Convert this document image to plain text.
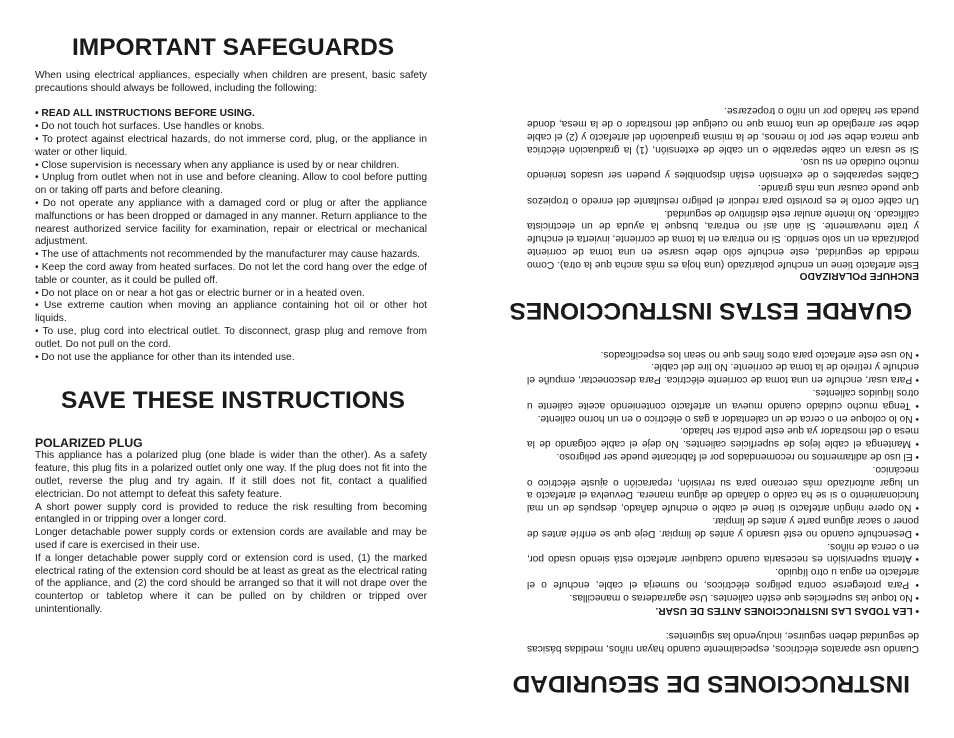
IMPORTANT SAFEGUARDS

When using electrical appliances, especially when children are present, basic safety precautions should always be followed, including the following:

• READ ALL INSTRUCTIONS BEFORE USING.

• Do not touch hot surfaces. Use handles or knobs.

• To protect against electrical hazards, do not immerse cord, plug, or the appliance in water or other liquid.

• Close supervision is necessary when any appliance is used by or near children.

• Unplug from outlet when not in use and before cleaning. Allow to cool before putting on or taking off parts and before cleaning.

• Do not operate any appliance with a damaged cord or plug or after the appliance malfunctions or has been dropped or damaged in any manner. Return appliance to the nearest authorized service facility for examination, repair or electrical or mechanical adjustment.

• The use of attachments not recommended by the manufacturer may cause hazards.

• Keep the cord away from heated surfaces. Do not let the cord hang over the edge of table or counter, as it could be pulled off.

• Do not place on or near a hot gas or electric burner or in a heated oven.

• Use extreme caution when moving an appliance containing hot oil or other hot liquids.

• To use, plug cord into electrical outlet. To disconnect, grasp plug and remove from outlet. Do not pull on the cord.

• Do not use the appliance for other than its intended use.

SAVE THESE INSTRUCTIONS
POLARIZED PLUG

This appliance has a polarized plug (one blade is wider than the other). As a safety feature, this plug fits in a polarized outlet only one way. If the plug does not fit into the outlet, reverse the plug and try again. If it still does not fit, contact a qualified electrician. Do not attempt to defeat this safety feature.

A short power supply cord is provided to reduce the risk resulting from becoming entangled in or tripping over a longer cord.

Longer detachable power supply cords or extension cords are available and may be used if care is exercised in their use.

If a longer detachable power supply cord or extension cord is used, (1) the marked electrical rating of the extension cord should be at least as great as the electrical rating of the appliance, and (2) the cord should be arranged so that it will not drape over the countertop or tabletop where it can be pulled on by children or tripped over unintentionally.

INSTRUCCIONES DE SEGURIDAD

Cuando use aparatos eléctricos, especialmente cuando hayan niños, medidas básicas de seguridad deben seguirse, incluyendo las siguientes:

• LEA TODAS LAS INSTRUCCIONES ANTES DE USAR.

• No toque las superficies que estén calientes. Use agarraderas o manecillas.

• Para protegerse contra peligros eléctricos, no sumerja el cable, enchufe o el artefacto en agua u otro líquido.

• Atenta supervisión es necesaria cuando cualquier artefacto está siendo usado por, en o cerca de niños.

• Desenchufe cuando no esté usando y antes de limpiar. Deje que se enfríe antes de poner o sacar alguna parte y antes de limpiar.

• No opere ningún artefacto si tiene el cable o enchufe dañado, después de un mal funcionamiento o si se ha caído o dañado de alguna manera. Devuelva el artefacto a un lugar autorizado más cercano para su revisión, reparación o ajuste eléctrico o mecánico.

• El uso de aditamentos no recomendados por el fabricante puede ser peligroso.

• Mantenga el cable lejos de superficies calientes. No deje el cable colgando de la mesa o del mostrador ya que este podría ser halado.

• No lo coloque en o cerca de un calentador a gas o eléctrico o en un horno caliente.

• Tenga mucho cuidado cuando mueva un artefacto conteniendo aceite caliente u otros líquidos calientes.

• Para usar, enchufe en una toma de corriente eléctrica. Para desconectar, empuñe el enchufe y retírelo de la toma de corriente. No tire del cable.

• No use este artefacto para otros fines que no sean los especificados.

GUARDE ESTAS INSTRUCCIONES
ENCHUFE POLARIZADO

Este artefacto tiene un enchufe polarizado (una hoja es más ancha que la otra). Como medida de seguridad, este enchufe sólo debe usarse en una toma de corriente polarizada en un solo sentido. Si no entrara en la toma de corriente, invierta el enchufe y trate nuevamente. Si aún así no entrara, busque la ayuda de un electricista calificado. No intente anular este distintivo de seguridad.

Un cable corto le es provisto para reducir el peligro resultante del enredo o tropiezos que puede causar una más grande.

Cables separables o de extensión están disponibles y pueden ser usados teniendo mucho cuidado en su uso.

Si se usara un cable separable o un cable de extensión, (1) la graduación eléctrica que marca debe ser por lo menos, de la misma graduación del artefacto y (2) el cable debe ser arreglado de una forma que no cuelgue del mostrador o de la mesa, donde pueda ser halado por un niño o tropezarse.
